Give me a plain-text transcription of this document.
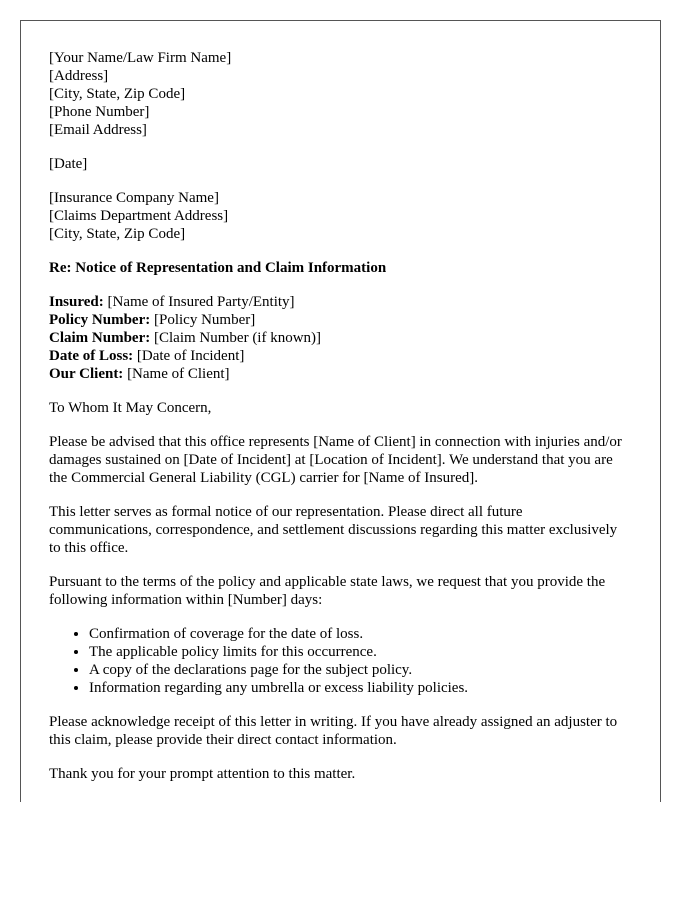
[Your Name/Law Firm Name]
[Address]
[City, State, Zip Code]
[Phone Number]
[Email Address]
[Date]
[Insurance Company Name]
[Claims Department Address]
[City, State, Zip Code]
Re: Notice of Representation and Claim Information
Insured: [Name of Insured Party/Entity]
Policy Number: [Policy Number]
Claim Number: [Claim Number (if known)]
Date of Loss: [Date of Incident]
Our Client: [Name of Client]

To Whom It May Concern,

Please be advised that this office represents [Name of Client] in connection with injuries and/or damages sustained on [Date of Incident] at [Location of Incident]. We understand that you are the Commercial General Liability (CGL) carrier for [Name of Insured].

This letter serves as formal notice of our representation. Please direct all future communications, correspondence, and settlement discussions regarding this matter exclusively to this office.

Pursuant to the terms of the policy and applicable state laws, we request that you provide the following information within [Number] days:

• Confirmation of coverage for the date of loss.
• The applicable policy limits for this occurrence.
• A copy of the declarations page for the subject policy.
• Information regarding any umbrella or excess liability policies.

Please acknowledge receipt of this letter in writing. If you have already assigned an adjuster to this claim, please provide their direct contact information.

Thank you for your prompt attention to this matter.
